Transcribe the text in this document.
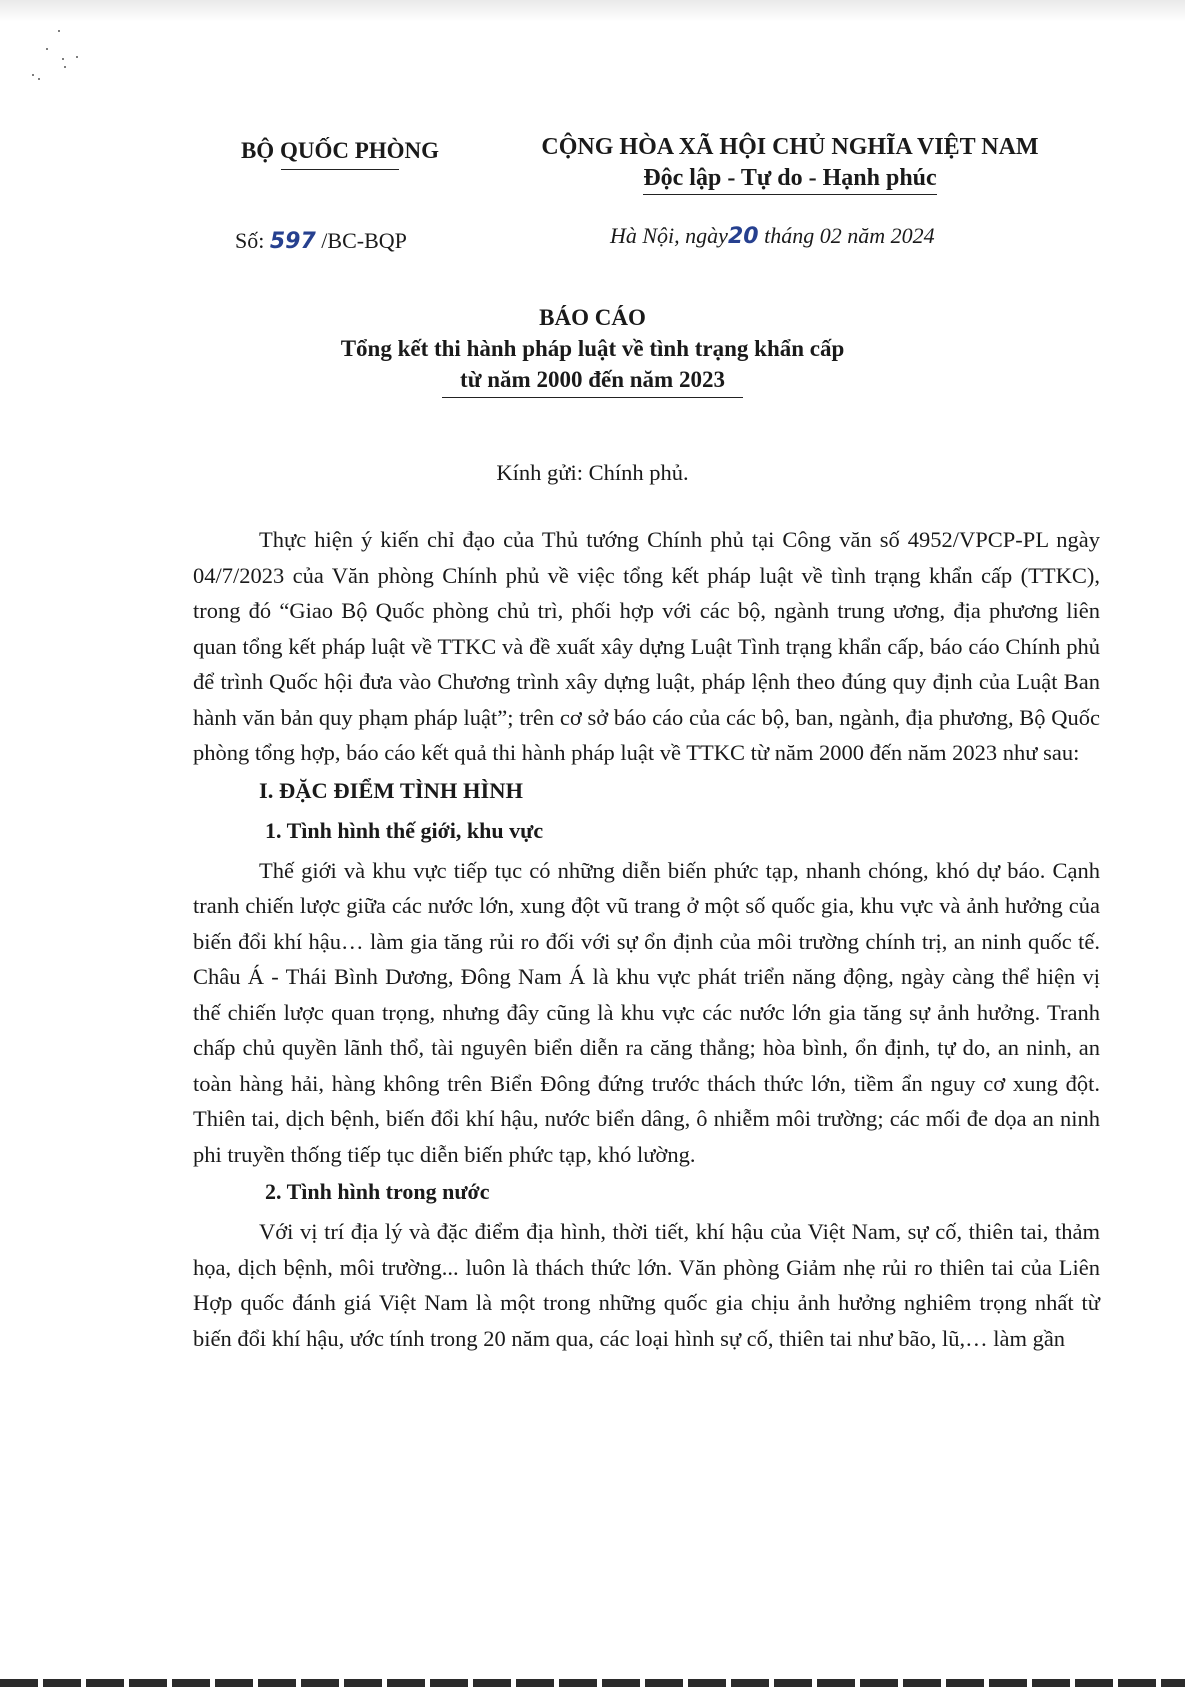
BỘ QUỐC PHÒNG	CỘNG HÒA XÃ HỘI CHỦ NGHĨA VIỆT NAM
Độc lập - Tự do - Hạnh phúc
Số: 597 /BC-BQP	Hà Nội, ngày20 tháng 02 năm 2024
BÁO CÁO
Tổng kết thi hành pháp luật về tình trạng khẩn cấp
từ năm 2000 đến năm 2023
Kính gửi: Chính phủ.

Thực hiện ý kiến chỉ đạo của Thủ tướng Chính phủ tại Công văn số 4952/VPCP-PL ngày 04/7/2023 của Văn phòng Chính phủ về việc tổng kết pháp luật về tình trạng khẩn cấp (TTKC), trong đó “Giao Bộ Quốc phòng chủ trì, phối hợp với các bộ, ngành trung ương, địa phương liên quan tổng kết pháp luật về TTKC và đề xuất xây dựng Luật Tình trạng khẩn cấp, báo cáo Chính phủ để trình Quốc hội đưa vào Chương trình xây dựng luật, pháp lệnh theo đúng quy định của Luật Ban hành văn bản quy phạm pháp luật”; trên cơ sở báo cáo của các bộ, ban, ngành, địa phương, Bộ Quốc phòng tổng hợp, báo cáo kết quả thi hành pháp luật về TTKC từ năm 2000 đến năm 2023 như sau:

I. ĐẶC ĐIỂM TÌNH HÌNH
1. Tình hình thế giới, khu vực

Thế giới và khu vực tiếp tục có những diễn biến phức tạp, nhanh chóng, khó dự báo. Cạnh tranh chiến lược giữa các nước lớn, xung đột vũ trang ở một số quốc gia, khu vực và ảnh hưởng của biến đổi khí hậu… làm gia tăng rủi ro đối với sự ổn định của môi trường chính trị, an ninh quốc tế. Châu Á - Thái Bình Dương, Đông Nam Á là khu vực phát triển năng động, ngày càng thể hiện vị thế chiến lược quan trọng, nhưng đây cũng là khu vực các nước lớn gia tăng sự ảnh hưởng. Tranh chấp chủ quyền lãnh thổ, tài nguyên biển diễn ra căng thẳng; hòa bình, ổn định, tự do, an ninh, an toàn hàng hải, hàng không trên Biển Đông đứng trước thách thức lớn, tiềm ẩn nguy cơ xung đột. Thiên tai, dịch bệnh, biến đổi khí hậu, nước biển dâng, ô nhiễm môi trường; các mối đe dọa an ninh phi truyền thống tiếp tục diễn biến phức tạp, khó lường.

2. Tình hình trong nước

Với vị trí địa lý và đặc điểm địa hình, thời tiết, khí hậu của Việt Nam, sự cố, thiên tai, thảm họa, dịch bệnh, môi trường... luôn là thách thức lớn. Văn phòng Giảm nhẹ rủi ro thiên tai của Liên Hợp quốc đánh giá Việt Nam là một trong những quốc gia chịu ảnh hưởng nghiêm trọng nhất từ biến đổi khí hậu, ước tính trong 20 năm qua, các loại hình sự cố, thiên tai như bão, lũ,… làm gần
